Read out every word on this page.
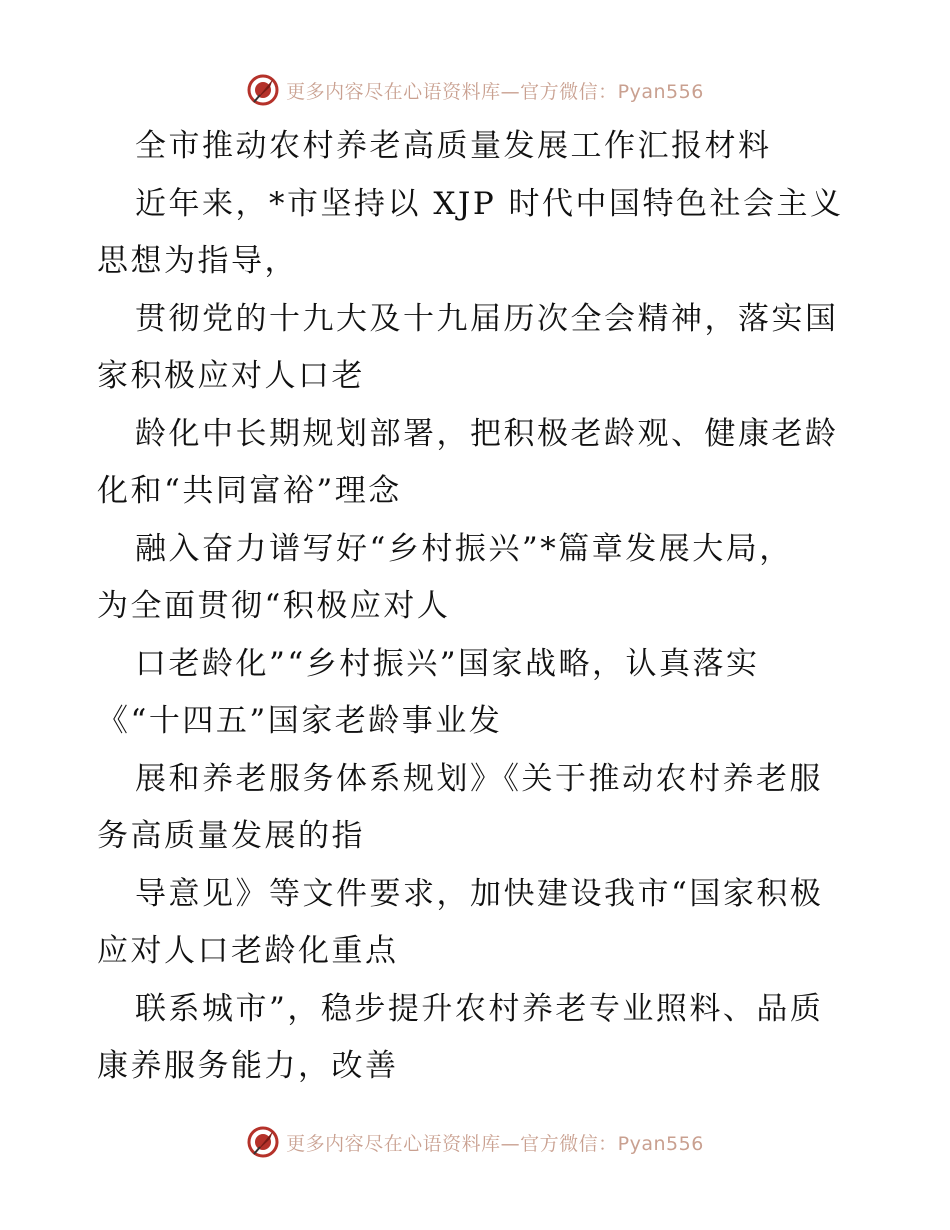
更多内容尽在心语资料库—官方微信：Pyan556
全市推动农村养老高质量发展工作汇报材料
近年来，*市坚持以 XJP 时代中国特色社会主义
思想为指导，
贯彻党的十九大及十九届历次全会精神，落实国
家积极应对人口老
龄化中长期规划部署，把积极老龄观、健康老龄
化和“共同富裕”理念
融入奋力谱写好“乡村振兴”*篇章发展大局，
为全面贯彻“积极应对人
口老龄化”“乡村振兴”国家战略，认真落实
《“十四五”国家老龄事业发
展和养老服务体系规划》《关于推动农村养老服
务高质量发展的指
导意见》等文件要求，加快建设我市“国家积极
应对人口老龄化重点
联系城市”，稳步提升农村养老专业照料、品质
康养服务能力，改善
更多内容尽在心语资料库—官方微信：Pyan556
